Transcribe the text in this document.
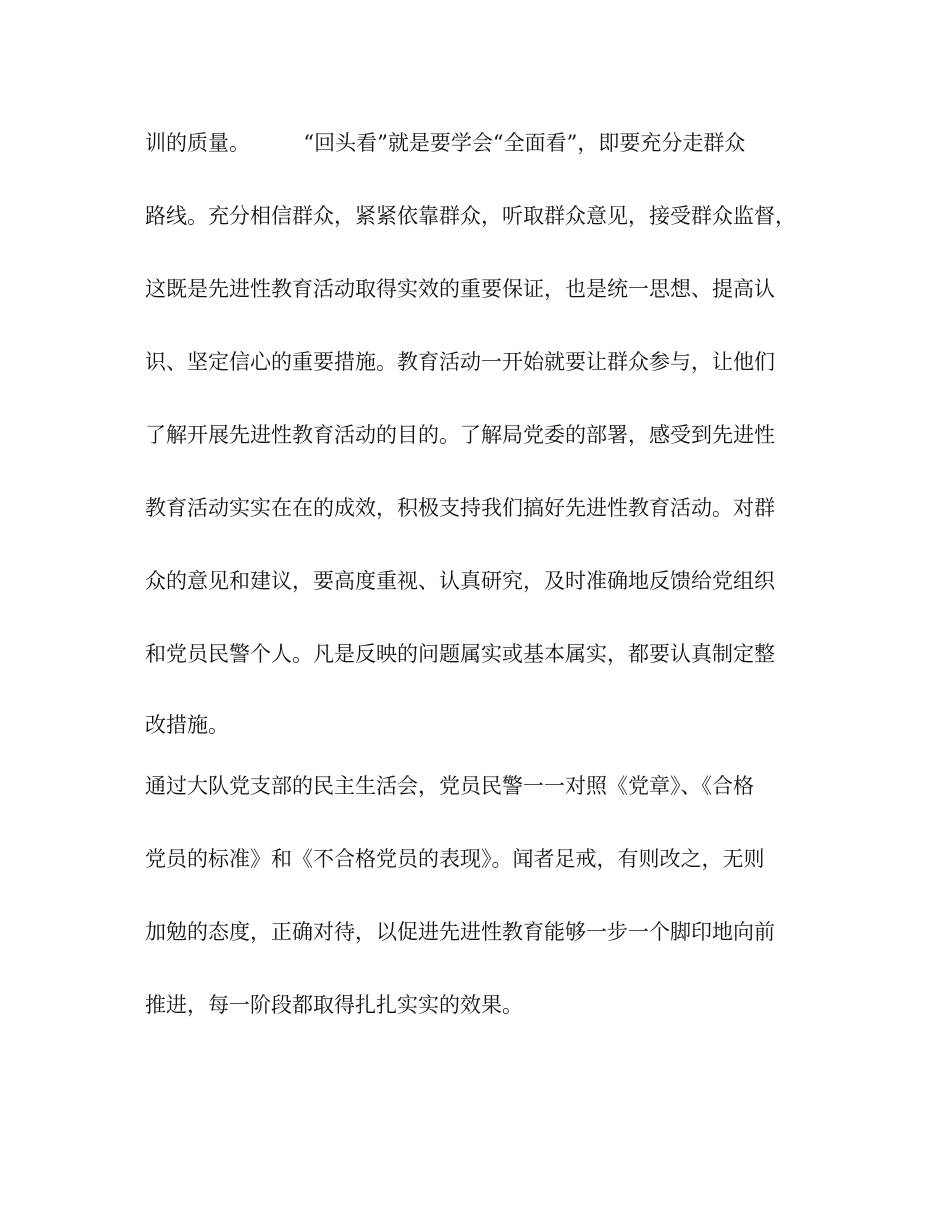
训的质量。        “回头看”就是要学会“全面看”，即要充分走群众
路线。充分相信群众，紧紧依靠群众，听取群众意见，接受群众监督，
这既是先进性教育活动取得实效的重要保证，也是统一思想、提高认
识、坚定信心的重要措施。教育活动一开始就要让群众参与，让他们
了解开展先进性教育活动的目的。了解局党委的部署，感受到先进性
教育活动实实在在的成效，积极支持我们搞好先进性教育活动。对群
众的意见和建议，要高度重视、认真研究，及时准确地反馈给党组织
和党员民警个人。凡是反映的问题属实或基本属实，都要认真制定整
改措施。
通过大队党支部的民主生活会，党员民警一一对照《党章》、《合格
党员的标准》和《不合格党员的表现》。闻者足戒，有则改之，无则
加勉的态度，正确对待，以促进先进性教育能够一步一个脚印地向前
推进，每一阶段都取得扎扎实实的效果。
